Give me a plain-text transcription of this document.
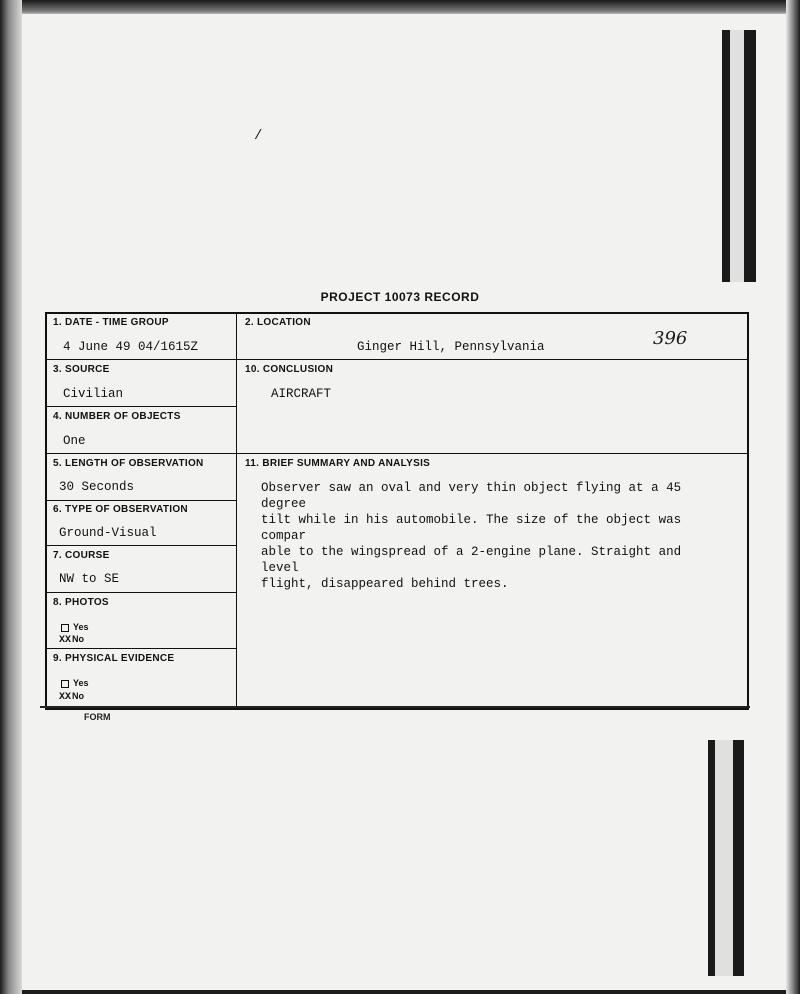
/
PROJECT 10073 RECORD
396
1. DATE - TIME GROUP
4 June 49 04/1615Z
2. LOCATION
Ginger Hill, Pennsylvania
3. SOURCE
Civilian
4. NUMBER OF OBJECTS
One
10. CONCLUSION
AIRCRAFT
5. LENGTH OF OBSERVATION
30 Seconds
6. TYPE OF OBSERVATION
Ground-Visual
7. COURSE
NW to SE
8. PHOTOS
Yes
XXNo
9. PHYSICAL EVIDENCE
Yes
XXNo
11. BRIEF SUMMARY AND ANALYSIS
Observer saw an oval and very thin object flying at a 45 degree
tilt while in his automobile. The size of the object was compar
able to the wingspread of a 2-engine plane. Straight and level
flight, disappeared behind trees.
FORM
